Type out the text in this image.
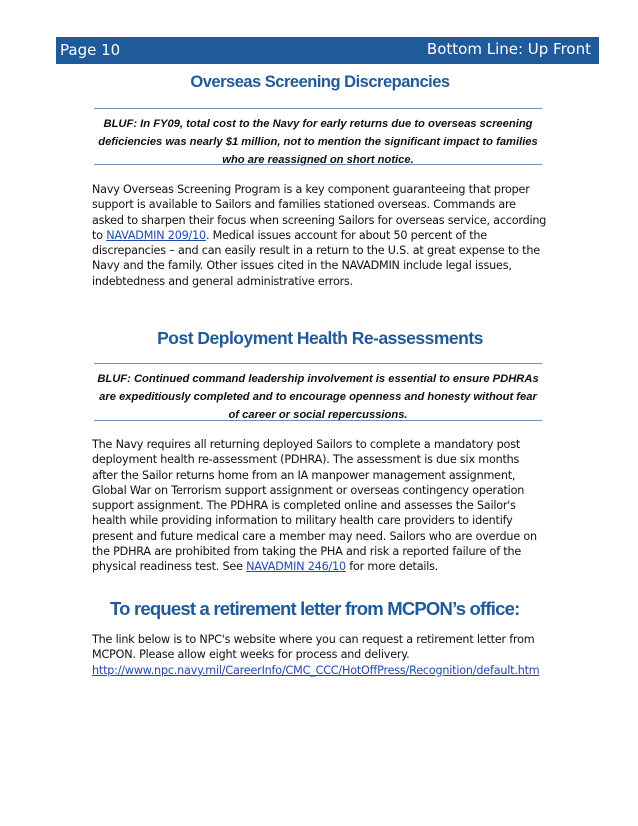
Page 10	Bottom Line: Up Front
Overseas Screening Discrepancies
BLUF: In FY09, total cost to the Navy for early returns due to overseas screening deficiencies was nearly $1 million, not to mention the significant impact to families who are reassigned on short notice.
Navy Overseas Screening Program is a key component guaranteeing that proper support is available to Sailors and families stationed overseas. Commands are asked to sharpen their focus when screening Sailors for overseas service, according to NAVADMIN 209/10. Medical issues account for about 50 percent of the discrepancies – and can easily result in a return to the U.S. at great expense to the Navy and the family. Other issues cited in the NAVADMIN include legal issues, indebtedness and general administrative errors.
Post Deployment Health Re-assessments
BLUF: Continued command leadership involvement is essential to ensure PDHRAs are expeditiously completed and to encourage openness and honesty without fear of career or social repercussions.
The Navy requires all returning deployed Sailors to complete a mandatory post deployment health re-assessment (PDHRA). The assessment is due six months after the Sailor returns home from an IA manpower management assignment, Global War on Terrorism support assignment or overseas contingency operation support assignment. The PDHRA is completed online and assesses the Sailor's health while providing information to military health care providers to identify present and future medical care a member may need. Sailors who are overdue on the PDHRA are prohibited from taking the PHA and risk a reported failure of the physical readiness test. See NAVADMIN 246/10 for more details.
To request a retirement letter from MCPON’s office:
The link below is to NPC's website where you can request a retirement letter from MCPON. Please allow eight weeks for process and delivery.
http://www.npc.navy.mil/CareerInfo/CMC_CCC/HotOffPress/Recognition/default.htm
